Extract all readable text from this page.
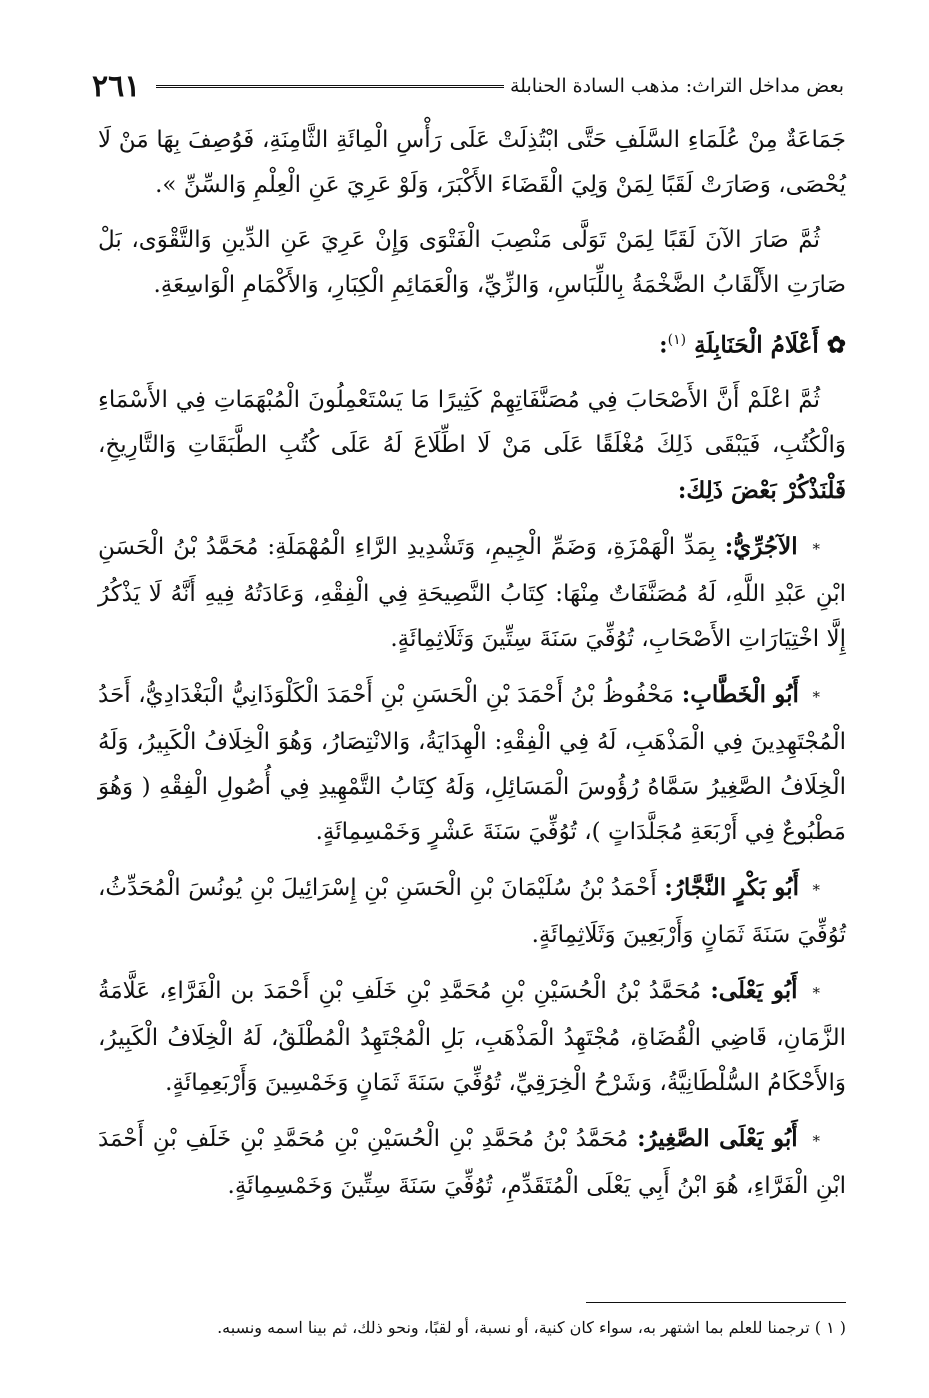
٢٦١	بعض مداخل التراث: مذهب السادة الحنابلة

جَمَاعَةٌ مِنْ عُلَمَاءِ السَّلَفِ حَتَّى ابْتُذِلَتْ عَلَى رَأْسِ الْمِائَةِ الثَّامِنَةِ، فَوُصِفَ بِهَا مَنْ لَا يُحْصَى، وَصَارَتْ لَقَبًا لِمَنْ وَلِيَ الْقَضَاءَ الأَكْبَرَ، وَلَوْ عَرِيَ عَنِ الْعِلْمِ وَالسِّنِّ ».

ثُمَّ صَارَ الآنَ لَقَبًا لِمَنْ تَوَلَّى مَنْصِبَ الْفَتْوَى وَإِنْ عَرِيَ عَنِ الدِّينِ وَالتَّقْوَى، بَلْ صَارَتِ الأَلْقَابُ الضَّخْمَةُ بِاللِّبَاسِ، وَالزِّيِّ، وَالْعَمَائِمِ الْكِبَارِ، وَالأَكْمَامِ الْوَاسِعَةِ.

✿ أَعْلَامُ الْحَنَابِلَةِ $^{(١)}$:

ثُمَّ اعْلَمْ أَنَّ الأَصْحَابَ فِي مُصَنَّفَاتِهِمْ كَثِيرًا مَا يَسْتَعْمِلُونَ الْمُبْهَمَاتِ فِي الأَسْمَاءِ وَالْكُتُبِ، فَيَبْقَى ذَلِكَ مُغْلَقًا عَلَى مَنْ لَا اطِّلَاعَ لَهُ عَلَى كُتُبِ الطَّبَقَاتِ وَالتَّارِيخِ، فَلْنَذْكُرْ بَعْضَ ذَلِكَ:

* الآجُرِّيُّ: بِمَدِّ الْهَمْزَةِ، وَضَمِّ الْجِيمِ، وَتَشْدِيدِ الرَّاءِ الْمُهْمَلَةِ: مُحَمَّدُ بْنُ الْحَسَنِ ابْنِ عَبْدِ اللَّهِ، لَهُ مُصَنَّفَاتٌ مِنْهَا: كِتَابُ النَّصِيحَةِ فِي الْفِقْهِ، وَعَادَتُهُ فِيهِ أَنَّهُ لَا يَذْكُرُ إِلَّا اخْتِيَارَاتِ الأَصْحَابِ، تُوُفِّيَ سَنَةَ سِتِّينَ وَثَلَاثِمِائَةٍ.

* أَبُو الْخَطَّابِ: مَحْفُوظُ بْنُ أَحْمَدَ بْنِ الْحَسَنِ بْنِ أَحْمَدَ الْكَلْوَذَانِيُّ الْبَغْدَادِيُّ، أَحَدُ الْمُجْتَهِدِينَ فِي الْمَذْهَبِ، لَهُ فِي الْفِقْهِ: الْهِدَايَةُ، وَالانْتِصَارُ، وَهُوَ الْخِلَافُ الْكَبِيرُ، وَلَهُ الْخِلَافُ الصَّغِيرُ سَمَّاهُ رُؤُوسَ الْمَسَائِلِ، وَلَهُ كِتَابُ التَّمْهِيدِ فِي أُصُولِ الْفِقْهِ ( وَهُوَ مَطْبُوعٌ فِي أَرْبَعَةِ مُجَلَّدَاتٍ )، تُوُفِّيَ سَنَةَ عَشْرٍ وَخَمْسِمِائَةٍ.

* أَبُو بَكْرٍ النَّجَّارُ: أَحْمَدُ بْنُ سُلَيْمَانَ بْنِ الْحَسَنِ بْنِ إِسْرَائِيلَ بْنِ يُونُسَ الْمُحَدِّثُ، تُوُفِّيَ سَنَةَ ثَمَانٍ وَأَرْبَعِينَ وَثَلَاثِمِائَةٍ.

* أَبُو يَعْلَى: مُحَمَّدُ بْنُ الْحُسَيْنِ بْنِ مُحَمَّدِ بْنِ خَلَفِ بْنِ أَحْمَدَ بن الْفَرَّاءِ، عَلَّامَةُ الزَّمَانِ، قَاضِي الْقُضَاةِ، مُجْتَهِدُ الْمَذْهَبِ، بَلِ الْمُجْتَهِدُ الْمُطْلَقُ، لَهُ الْخِلَافُ الْكَبِيرُ، وَالأَحْكَامُ السُّلْطَانِيَّةُ، وَشَرْحُ الْخِرَقِيِّ، تُوُفِّيَ سَنَةَ ثَمَانٍ وَخَمْسِينَ وَأَرْبَعِمِائَةٍ.

* أَبُو يَعْلَى الصَّغِيرُ: مُحَمَّدُ بْنُ مُحَمَّدِ بْنِ الْحُسَيْنِ بْنِ مُحَمَّدِ بْنِ خَلَفِ بْنِ أَحْمَدَ ابْنِ الْفَرَّاءِ، هُوَ ابْنُ أَبِي يَعْلَى الْمُتَقَدِّمِ، تُوُفِّيَ سَنَةَ سِتِّينَ وَخَمْسِمِائَةٍ.

( ١ ) ترجمنا للعلم بما اشتهر به، سواء كان كنية، أو نسبة، أو لقبًا، ونحو ذلك، ثم بينا اسمه ونسبه.
